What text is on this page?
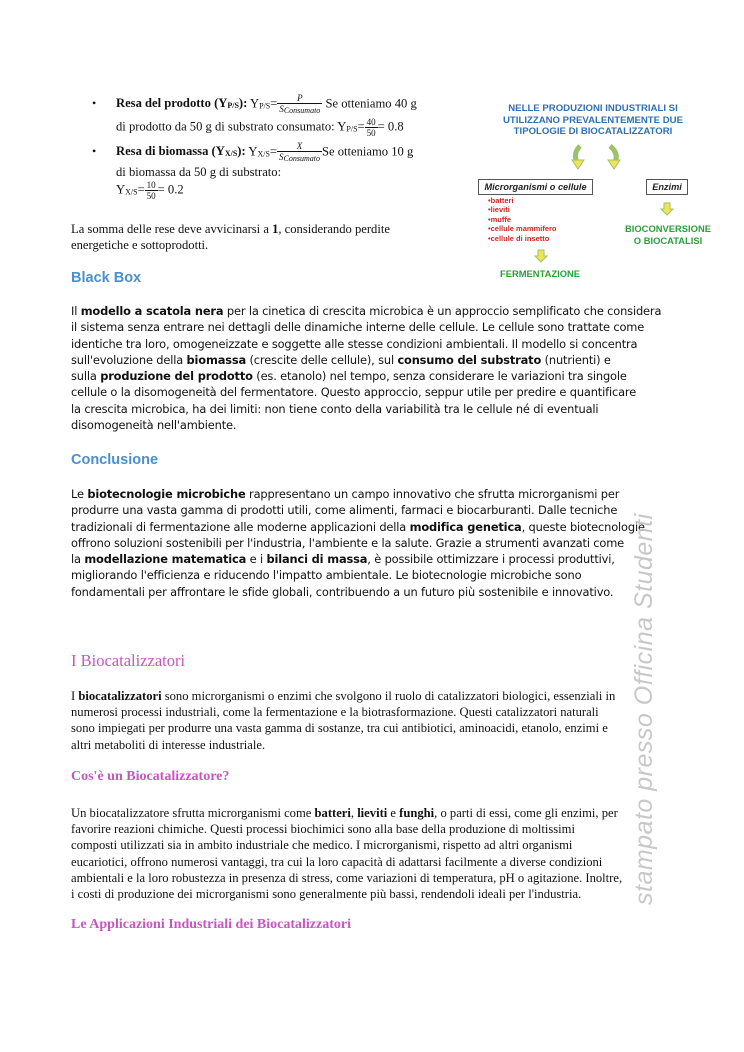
• Resa del prodotto $(Y_{P/S})$: $Y_{P/S}= \frac{P}{S_{Consumato}}$ Se otteniamo 40 g
di prodotto da 50 g di substrato consumato: $Y_{P/S}= \frac{40}{50} = 0.8$
• Resa di biomassa $(Y_{X/S})$: $Y_{X/S}= \frac{X}{S_{Consumato}}$ Se otteniamo 10 g
di biomassa da 50 g di substrato:
$Y_{X/S}= \frac{10}{50} = 0.2$
La somma delle rese deve avvicinarsi a 1, considerando perdite
energetiche e sottoprodotti.
NELLE PRODUZIONI INDUSTRIALI SI
UTILIZZANO PREVALENTEMENTE DUE
TIPOLOGIE DI BIOCATALIZZATORI
Microrganismi o cellule	Enzimi
•batteri
•lieviti
•muffe
•cellule mammifero
•cellule di insetto
BIOCONVERSIONE
O BIOCATALISI
FERMENTAZIONE
Black Box
Il modello a scatola nera per la cinetica di crescita microbica è un approccio semplificato che considera
il sistema senza entrare nei dettagli delle dinamiche interne delle cellule. Le cellule sono trattate come
identiche tra loro, omogeneizzate e soggette alle stesse condizioni ambientali. Il modello si concentra
sull'evoluzione della biomassa (crescite delle cellule), sul consumo del substrato (nutrienti) e
sulla produzione del prodotto (es. etanolo) nel tempo, senza considerare le variazioni tra singole
cellule o la disomogeneità del fermentatore. Questo approccio, seppur utile per predire e quantificare
la crescita microbica, ha dei limiti: non tiene conto della variabilità tra le cellule né di eventuali
disomogeneità nell'ambiente.
Conclusione
Le biotecnologie microbiche rappresentano un campo innovativo che sfrutta microrganismi per
produrre una vasta gamma di prodotti utili, come alimenti, farmaci e biocarburanti. Dalle tecniche
tradizionali di fermentazione alle moderne applicazioni della modifica genetica, queste biotecnologie
offrono soluzioni sostenibili per l'industria, l'ambiente e la salute. Grazie a strumenti avanzati come
la modellazione matematica e i bilanci di massa, è possibile ottimizzare i processi produttivi,
migliorando l'efficienza e riducendo l'impatto ambientale. Le biotecnologie microbiche sono
fondamentali per affrontare le sfide globali, contribuendo a un futuro più sostenibile e innovativo.
I Biocatalizzatori
I biocatalizzatori sono microrganismi o enzimi che svolgono il ruolo di catalizzatori biologici, essenziali in
numerosi processi industriali, come la fermentazione e la biotrasformazione. Questi catalizzatori naturali
sono impiegati per produrre una vasta gamma di sostanze, tra cui antibiotici, aminoacidi, etanolo, enzimi e
altri metaboliti di interesse industriale.
Cos'è un Biocatalizzatore?
Un biocatalizzatore sfrutta microrganismi come batteri, lieviti e funghi, o parti di essi, come gli enzimi, per
favorire reazioni chimiche. Questi processi biochimici sono alla base della produzione di moltissimi
composti utilizzati sia in ambito industriale che medico. I microrganismi, rispetto ad altri organismi
eucariotici, offrono numerosi vantaggi, tra cui la loro capacità di adattarsi facilmente a diverse condizioni
ambientali e la loro robustezza in presenza di stress, come variazioni di temperatura, pH o agitazione. Inoltre,
i costi di produzione dei microrganismi sono generalmente più bassi, rendendoli ideali per l'industria.
Le Applicazioni Industriali dei Biocatalizzatori
stampato presso Officina Studenti
